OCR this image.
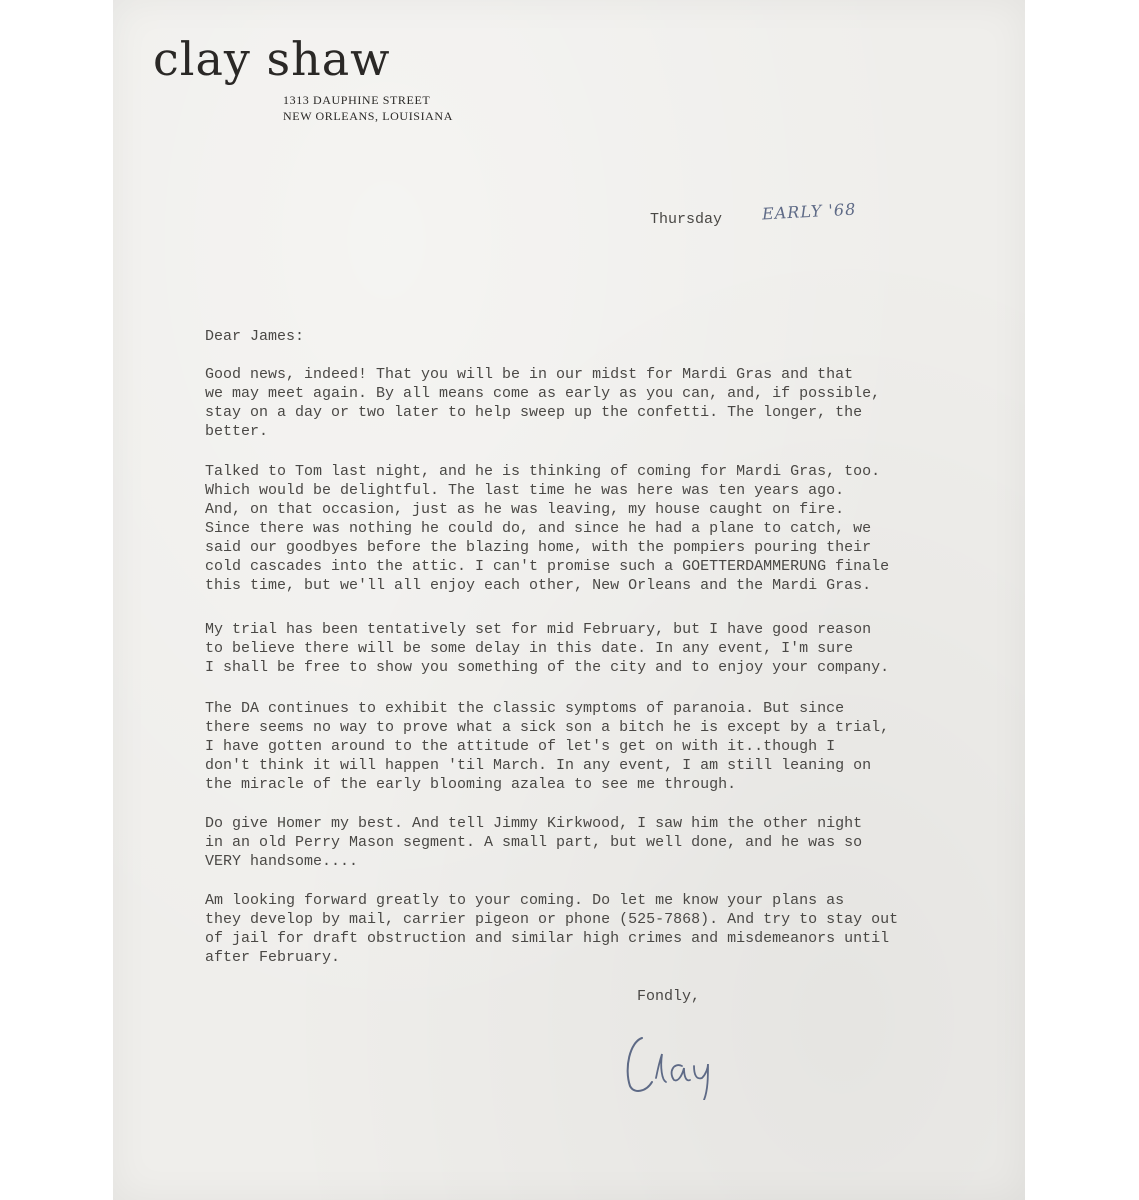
clay shaw
1313 DAUPHINE STREET
NEW ORLEANS, LOUISIANA
Thursday EARLY '68
Dear James:
Good news, indeed! That you will be in our midst for Mardi Gras and that
we may meet again. By all means come as early as you can, and, if possible,
stay on a day or two later to help sweep up the confetti. The longer, the
better.
Talked to Tom last night, and he is thinking of coming for Mardi Gras, too.
Which would be delightful. The last time he was here was ten years ago.
And, on that occasion, just as he was leaving, my house caught on fire.
Since there was nothing he could do, and since he had a plane to catch, we
said our goodbyes before the blazing home, with the pompiers pouring their
cold cascades into the attic. I can't promise such a GOETTERDAMMERUNG finale
this time, but we'll all enjoy each other, New Orleans and the Mardi Gras.
My trial has been tentatively set for mid February, but I have good reason
to believe there will be some delay in this date. In any event, I'm sure
I shall be free to show you something of the city and to enjoy your company.
The DA continues to exhibit the classic symptoms of paranoia. But since
there seems no way to prove what a sick son a bitch he is except by a trial,
I have gotten around to the attitude of let's get on with it..though I
don't think it will happen 'til March. In any event, I am still leaning on
the miracle of the early blooming azalea to see me through.
Do give Homer my best. And tell Jimmy Kirkwood, I saw him the other night
in an old Perry Mason segment. A small part, but well done, and he was so
VERY handsome....
Am looking forward greatly to your coming. Do let me know your plans as
they develop by mail, carrier pigeon or phone (525-7868). And try to stay out
of jail for draft obstruction and similar high crimes and misdemeanors until
after February.
Fondly,
